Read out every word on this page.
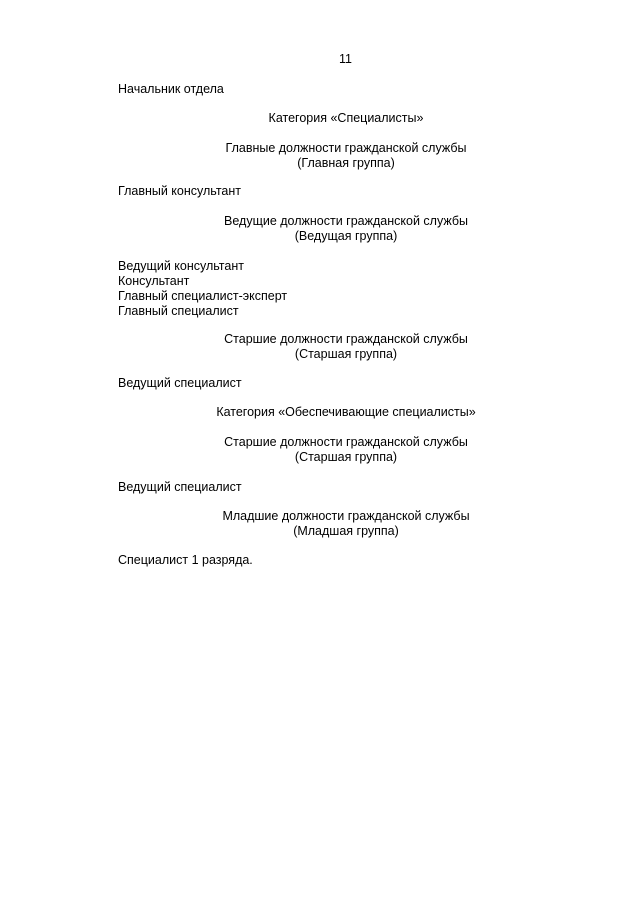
11
Начальник отдела
Категория «Специалисты»
Главные должности гражданской службы
(Главная группа)
Главный консультант
Ведущие должности гражданской службы
(Ведущая группа)
Ведущий консультант
Консультант
Главный специалист-эксперт
Главный специалист
Старшие должности гражданской службы
(Старшая группа)
Ведущий специалист
Категория «Обеспечивающие специалисты»
Старшие должности гражданской службы
(Старшая группа)
Ведущий специалист
Младшие должности гражданской службы
(Младшая группа)
Специалист 1 разряда.
